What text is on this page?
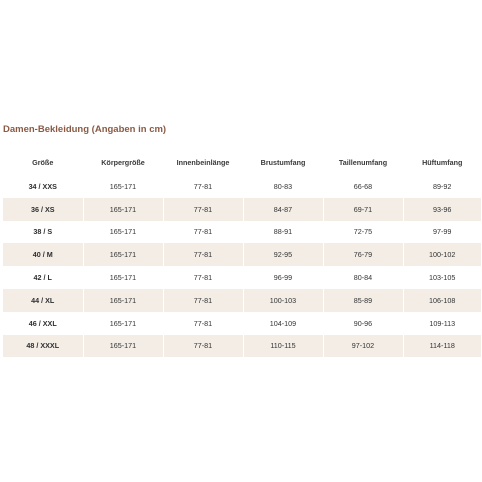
Damen-Bekleidung (Angaben in cm)
Größe	Körpergröße	Innenbeinlänge	Brustumfang	Taillenumfang	Hüftumfang
34 / XXS	165-171	77-81	80-83	66-68	89-92
36 / XS	165-171	77-81	84-87	69-71	93-96
38 / S	165-171	77-81	88-91	72-75	97-99
40 / M	165-171	77-81	92-95	76-79	100-102
42 / L	165-171	77-81	96-99	80-84	103-105
44 / XL	165-171	77-81	100-103	85-89	106-108
46 / XXL	165-171	77-81	104-109	90-96	109-113
48 / XXXL	165-171	77-81	110-115	97-102	114-118
